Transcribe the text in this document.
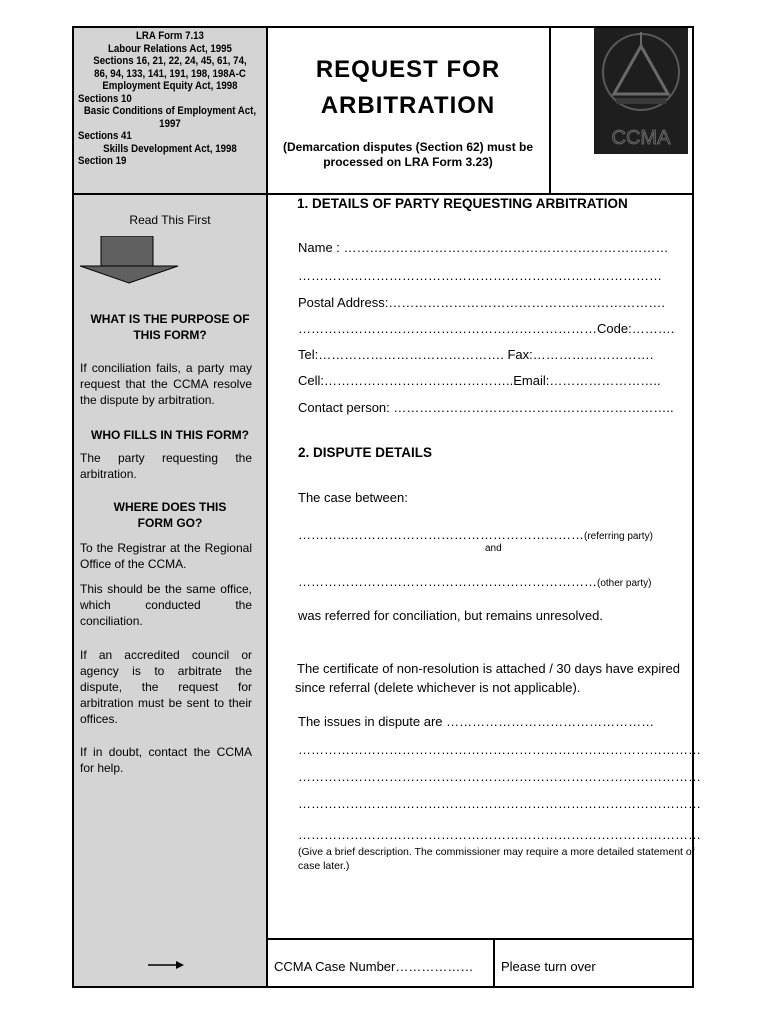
LRA Form 7.13
Labour Relations Act, 1995
Sections 16, 21, 22, 24, 45, 61, 74,
86, 94, 133, 141, 191, 198, 198A-C
Employment Equity Act, 1998
Sections 10
Basic Conditions of Employment Act,
1997
Sections 41
Skills Development Act, 1998
Section 19
REQUEST FOR
ARBITRATION
(Demarcation disputes (Section 62) must be
processed on LRA Form 3.23)
CCMA
Read This First
WHAT IS THE PURPOSE OF THIS FORM?
If conciliation fails, a party may request that the CCMA resolve the dispute by arbitration.
WHO FILLS IN THIS FORM?
The party requesting the arbitration.
WHERE DOES THIS FORM GO?
To the Registrar at the Regional Office of the CCMA.
This should be the same office, which conducted the conciliation.
If an accredited council or agency is to arbitrate the dispute, the request for arbitration must be sent to their offices.
If in doubt, contact the CCMA for help.
1. DETAILS OF PARTY REQUESTING ARBITRATION
Name : …………………………………………………………………
…………………………………………………………………………
Postal Address:……………………………………………………….
……………………………………………………………Code:……….
Tel:……………………………………. Fax:……………………….
Cell:……………………………………..Email:……………………..
Contact person: ………………………………………………………..
2. DISPUTE DETAILS
The case between:
…………………………………………………………(referring party)
and
……………………………………………………………(other party)
was referred for conciliation, but remains unresolved.
The certificate of non-resolution is attached / 30 days have expired
since referral (delete whichever is not applicable).
The issues in dispute are …………………………………………
…………………………………………………………………………………
…………………………………………………………………………………
…………………………………………………………………………………
…………………………………………………………………………………
(Give a brief description. The commissioner may require a more detailed statement of
case later.)
CCMA Case Number……………… Please turn over
